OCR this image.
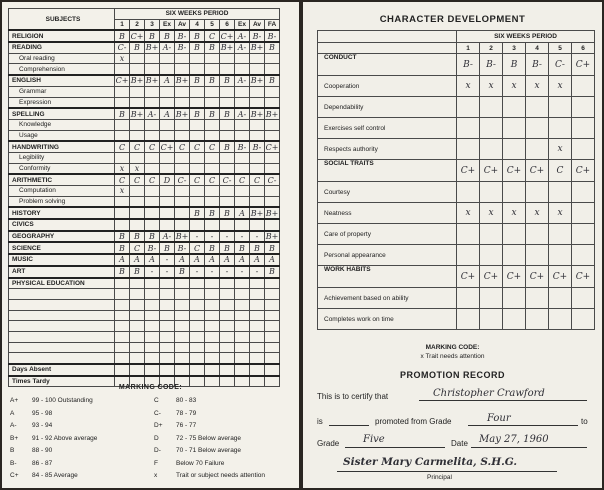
SUBJECTS	SIX WEEKS PERIOD										
	1	2	3	Ex	Av	4	5	6	Ex	Av	FA
RELIGION	B	C+	B	B	B-	B	C	C+	A-	B-	B-
READING	C-	B	B+	A-	B-	B	B	B+	A-	B+	B
Oral reading	x										
Comprehension											
ENGLISH	C+	B+	B+	A	B+	B	B	B	A-	B+	B
Grammar											
Expression											
SPELLING	B	B+	A-	A	B+	B	B	B	A-	B+	B+
Knowledge											
Usage											
HANDWRITING	C	C	C	C+	C	C	C	B	B-	B-	C+
Legibility											
Conformity	x	x									
ARITHMETIC	C	C	C	D	C-	C	C	C-	C	C	C-
Computation	x										
Problem solving											
HISTORY						B	B	B	A	B+	B+
CIVICS											
GEOGRAPHY	B	B	B	A-	B+	-	-	-	-	-	B+
SCIENCE	B	C	B-	B	B-	C	B	B	B	B	B
MUSIC	A	A	A	-	A	A	A	A	A	A	A
ART	B	B	-	-	B	-	-	-	-	-	B
PHYSICAL EDUCATION											

Days Absent											
Times Tardy											
MARKING CODE:
A+ 99 - 100 Outstanding
A	95 - 98
A- 93 - 94
B+ 91 - 92 Above average
B	88 - 90
B- 86 - 87
C+ 84 - 85 Average
C	80 - 83
C- 78 - 79
D+ 76 - 77
D	72 - 75 Below average
D- 70 - 71 Below average
F	Below 70 Failure
x	Trait or subject needs attention
CHARACTER DEVELOPMENT
	SIX WEEKS PERIOD					
	1	2	3	4	5	6
CONDUCT	B-	B-	B	B-	C-	C+
Cooperation	x	x	x	x	x	
Dependability						
Exercises self control						
Respects authority					x	
SOCIAL TRAITS	C+	C+	C+	C+	C	C+
Courtesy						
Neatness	x	x	x	x	x	
Care of property						
Personal appearance						
WORK HABITS	C+	C+	C+	C+	C+	C+
Achievement based on ability						
Completes work on time						
MARKING CODE:
x Trait needs attention
PROMOTION RECORD
This is to certify that	Christopher Crawford
is	promoted from Grade	Four	to
Grade Five	Date May 27, 1960
Sister Mary Carmelita, S.H.G.
Principal
